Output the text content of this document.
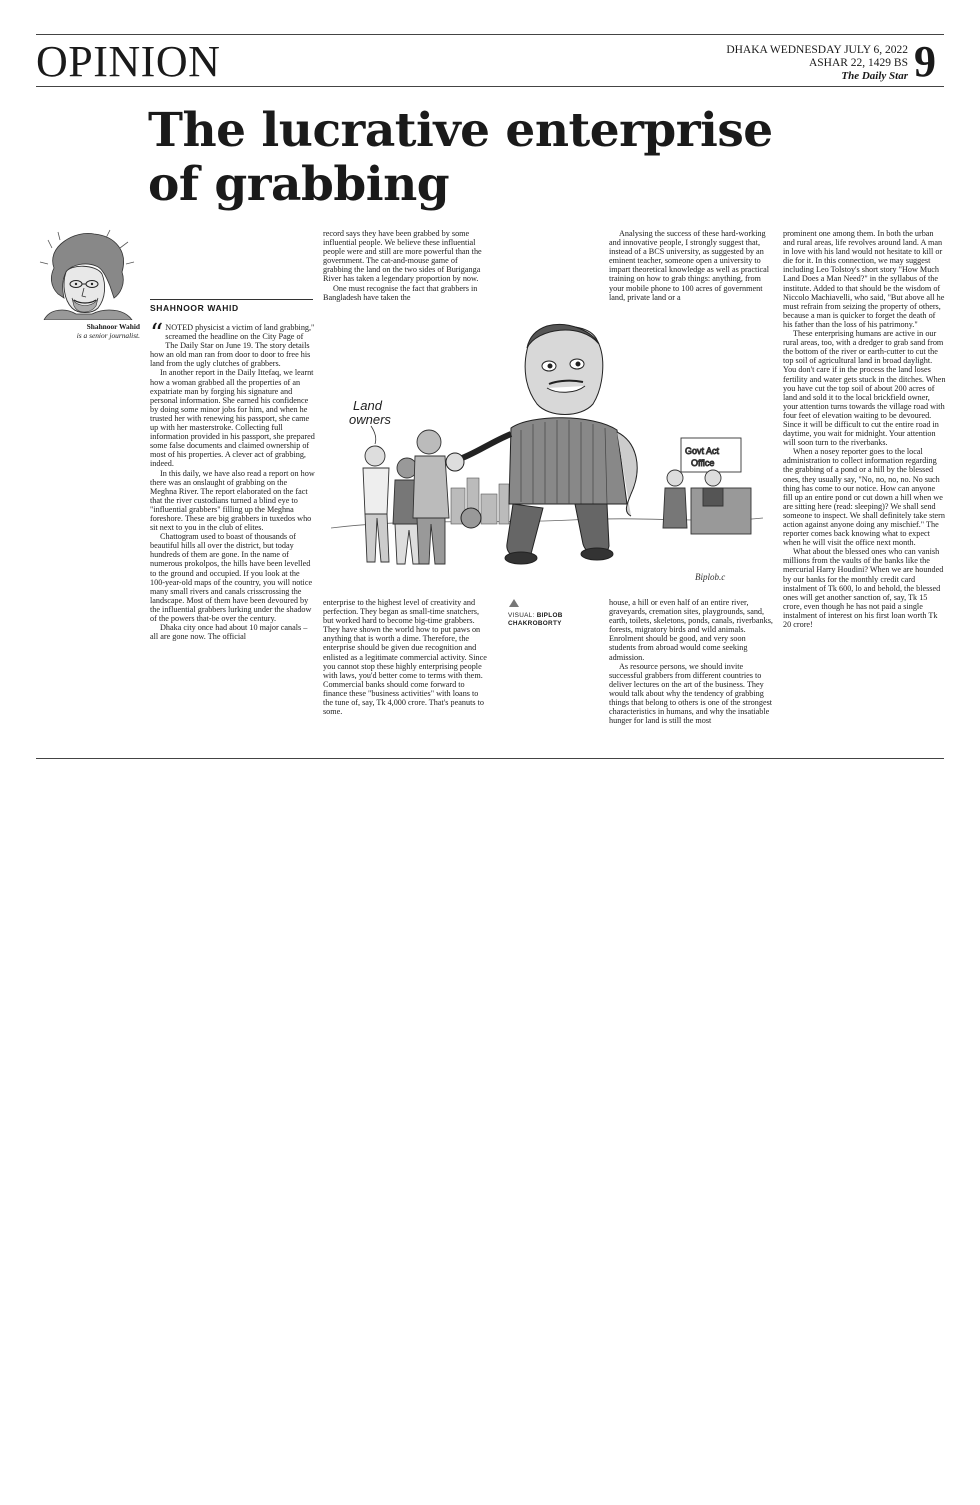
OPINION	DHAKA WEDNESDAY JULY 6, 2022
ASHAR 22, 1429 BS
The Daily Star 9
The lucrative enterprise
of grabbing
SHAHNOOR WAHID
Shahnoor Wahid
is a senior journalist. “ NOTED physicist a victim of land grabbing," screamed the headline on the City Page of The Daily Star on June 19. The story details how an old man ran from door to door to free his land from the ugly clutches of grabbers.

In another report in the Daily Ittefaq, we learnt how a woman grabbed all the properties of an expatriate man by forging his signature and personal information. She earned his confidence by doing some minor jobs for him, and when he trusted her with renewing his passport, she came up with her masterstroke. Collecting full information provided in his passport, she prepared some false documents and claimed ownership of most of his properties. A clever act of grabbing, indeed.

In this daily, we have also read a report on how there was an onslaught of grabbing on the Meghna River. The report elaborated on the fact that the river custodians turned a blind eye to "influential grabbers" filling up the Meghna foreshore. These are big grabbers in tuxedos who sit next to you in the club of elites.

Chattogram used to boast of thousands of beautiful hills all over the district, but today hundreds of them are gone. In the name of numerous prokolpos, the hills have been levelled to the ground and occupied. If you look at the 100-year-old maps of the country, you will notice many small rivers and canals crisscrossing the landscape. Most of them have been devoured by the influential grabbers lurking under the shadow of the powers that-be over the century.

Dhaka city once had about 10 major canals – all are gone now. The official

record says they have been grabbed by some influential people. We believe these influential people were and still are more powerful than the government. The cat-and-mouse game of grabbing the land on the two sides of Buriganga River has taken a legendary proportion by now.

One must recognise the fact that grabbers in Bangladesh have taken the

Analysing the success of these hard-working and innovative people, I strongly suggest that, instead of a BCS university, as suggested by an eminent teacher, someone open a university to impart theoretical knowledge as well as practical training on how to grab things: anything, from your mobile phone to 100 acres of government land, private land or a

prominent one among them. In both the urban and rural areas, life revolves around land. A man in love with his land would not hesitate to kill or die for it. In this connection, we may suggest including Leo Tolstoy's short story "How Much Land Does a Man Need?" in the syllabus of the institute. Added to that should be the wisdom of Niccolo Machiavelli, who said, "But above all he must refrain from seizing the property of others, because a man is quicker to forget the death of his father than the loss of his patrimony."

These enterprising humans are active in our rural areas, too, with a dredger to grab sand from the bottom of the river or earth-cutter to cut the top soil of agricultural land in broad daylight. You don't care if in the process the land loses fertility and water gets stuck in the ditches. When you have cut the top soil of about 200 acres of land and sold it to the local brickfield owner, your attention turns towards the village road with four feet of elevation waiting to be devoured. Since it will be difficult to cut the entire road in daytime, you wait for midnight. Your attention will soon turn to the riverbanks.

When a nosey reporter goes to the local administration to collect information regarding the grabbing of a pond or a hill by the blessed ones, they usually say, "No, no, no, no. No such thing has come to our notice. How can anyone fill up an entire pond or cut down a hill when we are sitting here (read: sleeping)? We shall send someone to inspect. We shall definitely take stern action against anyone doing any mischief." The reporter comes back knowing what to expect when he will visit the office next month.

What about the blessed ones who can vanish millions from the vaults of the banks like the mercurial Harry Houdini? When we are hounded by our banks for the monthly credit card instalment of Tk 600, lo and behold, the blessed ones will get another sanction of, say, Tk 15 crore, even though he has not paid a single instalment of interest on his first loan worth Tk 20 crore!

Land
owners
Govt Act
Office
Biplob.c

enterprise to the highest level of creativity and perfection. They began as small-time snatchers, but worked hard to become big-time grabbers. They have shown the world how to put paws on anything that is worth a dime. Therefore, the enterprise should be given due recognition and enlisted as a legitimate commercial activity. Since you cannot stop these highly enterprising people with laws, you'd better come to terms with them. Commercial banks should come forward to finance these "business activities" with loans to the tune of, say, Tk 4,000 crore. That's peanuts to some.

VISUAL: BIPLOB CHAKROBORTY

house, a hill or even half of an entire river, graveyards, cremation sites, playgrounds, sand, earth, toilets, skeletons, ponds, canals, riverbanks, forests, migratory birds and wild animals. Enrolment should be good, and very soon students from abroad would come seeking admission.

As resource persons, we should invite successful grabbers from different countries to deliver lectures on the art of the business. They would talk about why the tendency of grabbing things that belong to others is one of the strongest characteristics in humans, and why the insatiable hunger for land is still the most
